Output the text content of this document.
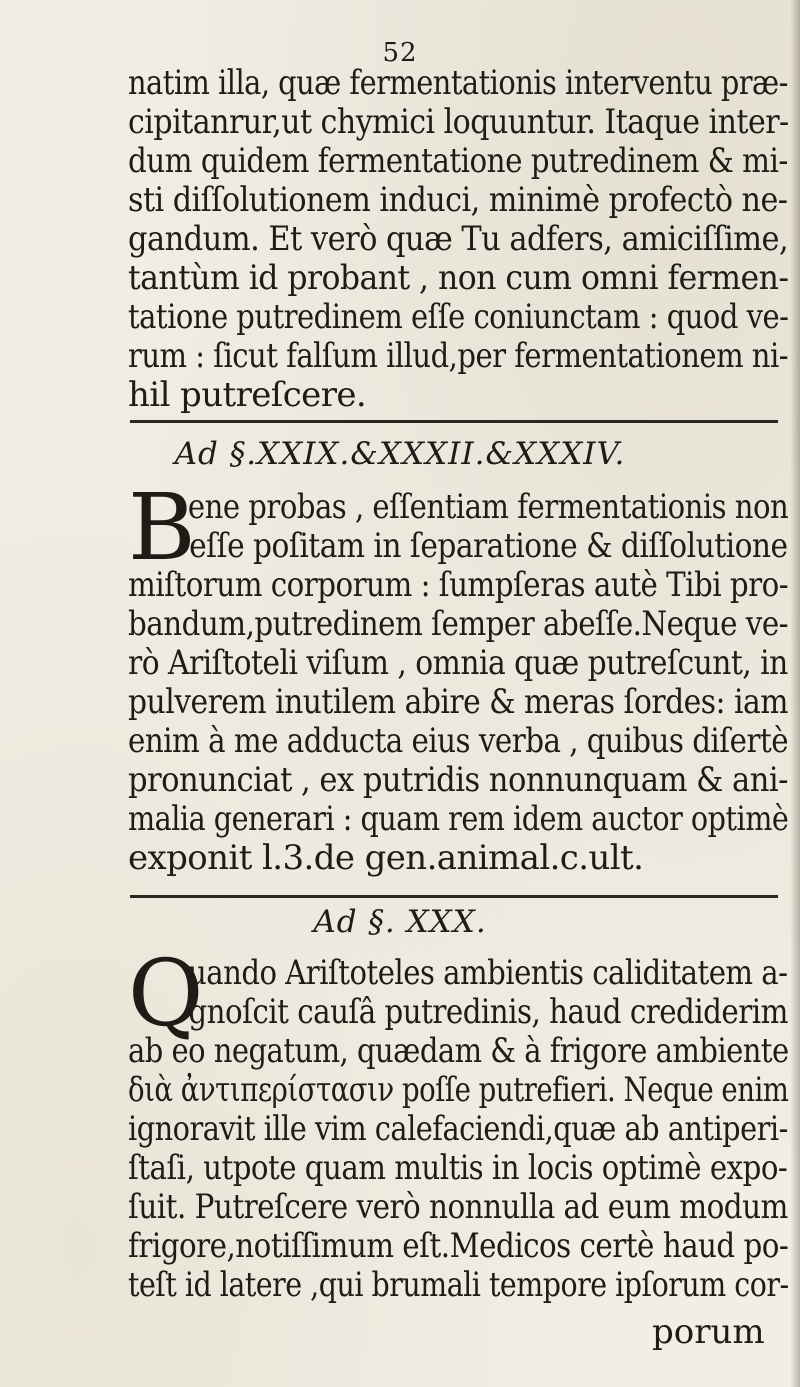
52
natim illa, quæ fermentationis interventu præ-
cipitanrur,ut chymici loquuntur. Itaque inter-
dum quidem fermentatione putredinem & mi-
sti diſſolutionem induci, minimè profectò ne-
gandum. Et verò quæ Tu adfers, amiciſſime,
tantùm id probant , non cum omni fermen-
tatione putredinem eſſe coniunctam : quod ve-
rum : ſicut falſum illud,per fermentationem ni-
hil putreſcere.
Ad §.XXIX.&XXXII.&XXXIV.
B
ene probas , eſſentiam fermentationis non
eſſe poſitam in ſeparatione & diſſolutione
miſtorum corporum : ſumpſeras autè Tibi pro-
bandum,putredinem ſemper abeſſe.Neque ve-
rò Ariſtoteli viſum , omnia quæ putreſcunt, in
pulverem inutilem abire & meras ſordes: iam
enim à me adducta eius verba , quibus diſertè
pronunciat , ex putridis nonnunquam & ani-
malia generari : quam rem idem auctor optimè
exponit l.3.de gen.animal.c.ult.
Ad §. XXX.
Q
uando Ariſtoteles ambientis caliditatem a-
gnoſcit cauſâ putredinis, haud crediderim
ab eo negatum, quædam & à frigore ambiente
διὰ ἀντιπερίστασιν poſſe putrefieri. Neque enim
ignoravit ille vim calefaciendi,quæ ab antiperi-
ſtaſi, utpote quam multis in locis optimè expo-
ſuit. Putreſcere verò nonnulla ad eum modum
frigore,notiſſimum eſt.Medicos certè haud po-
teſt id latere ,qui brumali tempore ipſorum cor-
porum
